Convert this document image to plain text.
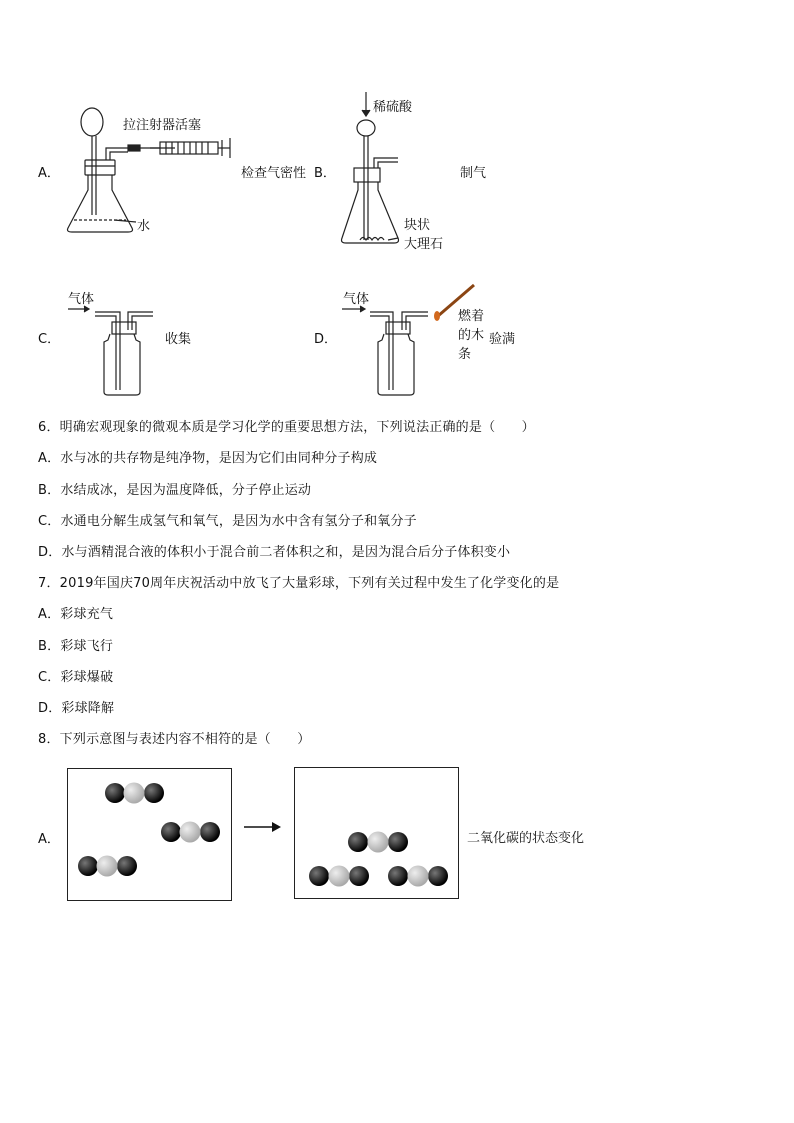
A．
拉注射器活塞
水
检查气密性 B．
稀硫酸
制气
块状
大理石
C．
气体
收集	D．
气体
燃着
的木
条
验满
6．明确宏观现象的微观本质是学习化学的重要思想方法，下列说法正确的是（　　）
A．水与冰的共存物是纯净物，是因为它们由同种分子构成
B．水结成冰，是因为温度降低，分子停止运动
C．水通电分解生成氢气和氧气，是因为水中含有氢分子和氧分子
D．水与酒精混合液的体积小于混合前二者体积之和，是因为混合后分子体积变小
7．2019年国庆70周年庆祝活动中放飞了大量彩球，下列有关过程中发生了化学变化的是
A．彩球充气
B．彩球飞行
C．彩球爆破
D．彩球降解
8．下列示意图与表述内容不相符的是（　　）
A．	二氧化碳的状态变化
